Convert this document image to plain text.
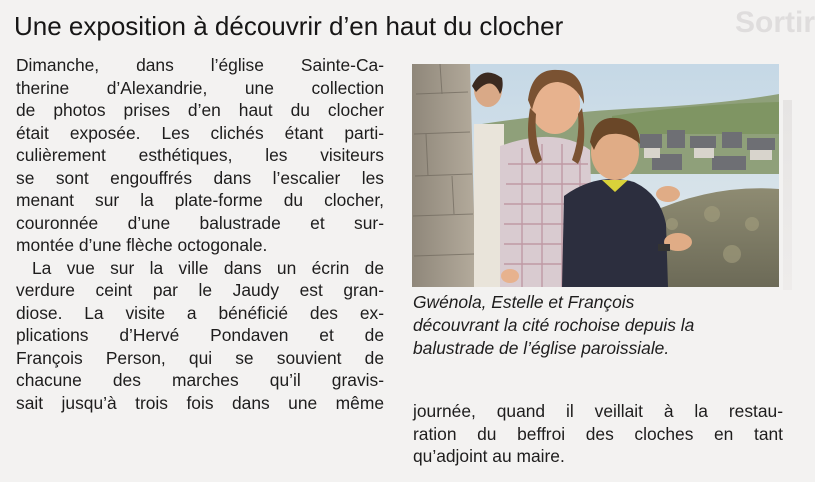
Sortir
Une exposition à découvrir d’en haut du clocher
Dimanche, dans l’église Sainte-Ca-
therine d’Alexandrie, une collection
de photos prises d’en haut du clocher
était exposée. Les clichés étant parti-
culièrement esthétiques, les visiteurs
se sont engouffrés dans l’escalier les
menant sur la plate-forme du clocher,
couronnée d’une balustrade et sur-
montée d’une flèche octogonale.
La vue sur la ville dans un écrin de
verdure ceint par le Jaudy est gran-
diose. La visite a bénéficié des ex-
plications d’Hervé Pondaven et de
François Person, qui se souvient de
chacune des marches qu’il gravis-
sait jusqu’à trois fois dans une même
Gwénola, Estelle et François
découvrant la cité rochoise depuis la
balustrade de l’église paroissiale.
journée, quand il veillait à la restau-
ration du beffroi des cloches en tant
qu’adjoint au maire.
